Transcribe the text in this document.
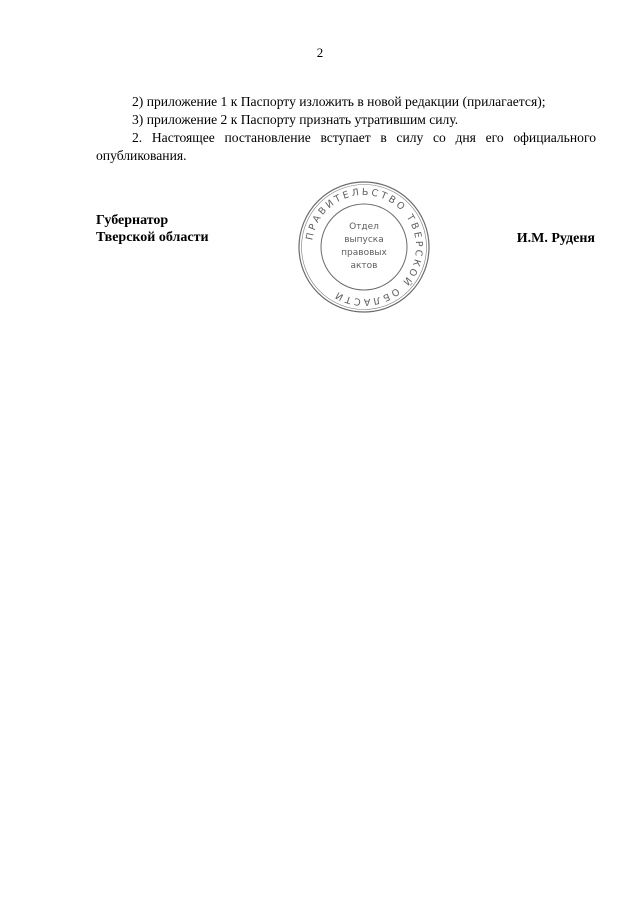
2

2) приложение 1 к Паспорту изложить в новой редакции (прилагается);

3) приложение 2 к Паспорту признать утратившим силу.

2. Настоящее постановление вступает в силу со дня его официального опубликования.

Губернатор
Тверской области	И.М. Руденя
ПРАВИТЕЛЬСТВО ТВЕРСКОЙ ОБЛАСТИ
Отдел
выпуска
правовых
актов
